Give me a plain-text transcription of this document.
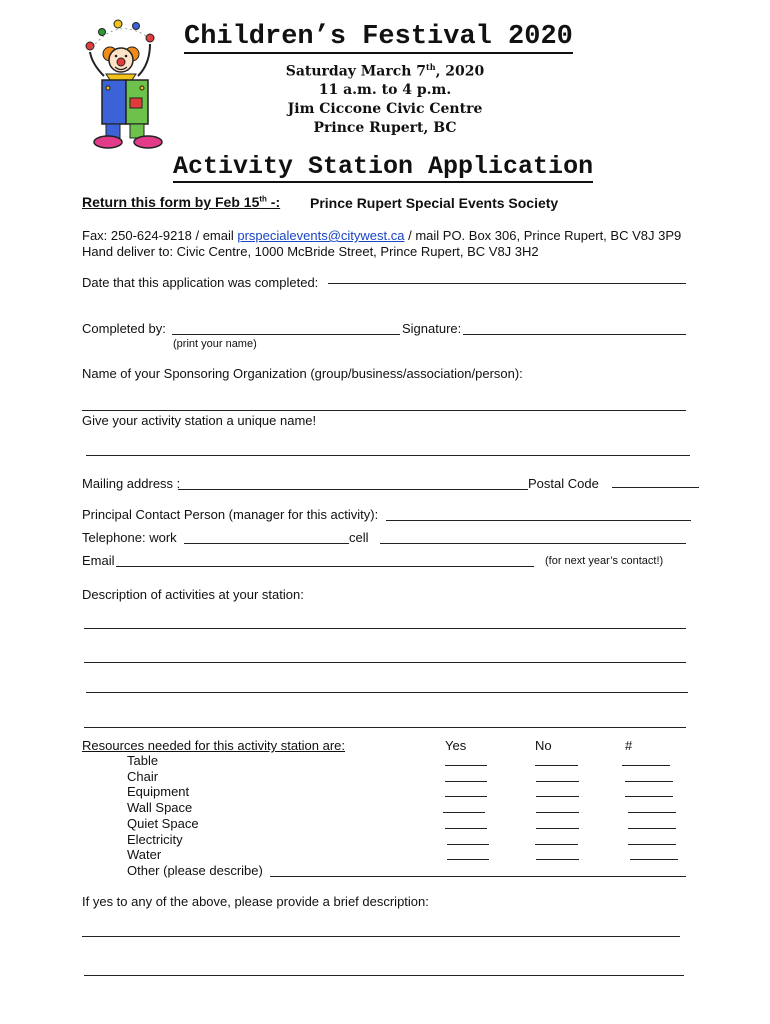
Children’s Festival 2020
Saturday March 7th, 2020
11 a.m. to 4 p.m.
Jim Ciccone Civic Centre
Prince Rupert, BC
Activity Station Application
Return this form by Feb 15th -: Prince Rupert Special Events Society
Fax: 250-624-9218 / email prspecialevents@citywest.ca / mail PO. Box 306, Prince Rupert, BC V8J 3P9
Hand deliver to: Civic Centre, 1000 McBride Street, Prince Rupert, BC V8J 3H2
Date that this application was completed:
Completed by:	Signature:
(print your name)
Name of your Sponsoring Organization (group/business/association/person):
Give your activity station a unique name!
Mailing address :	Postal Code
Principal Contact Person (manager for this activity):
Telephone: work	cell
Email	(for next year’s contact!)
Description of activities at your station:
Resources needed for this activity station are:	Yes	No	#
Table
Chair
Equipment
Wall Space
Quiet Space
Electricity
Water
Other (please describe)
If yes to any of the above, please provide a brief description:
